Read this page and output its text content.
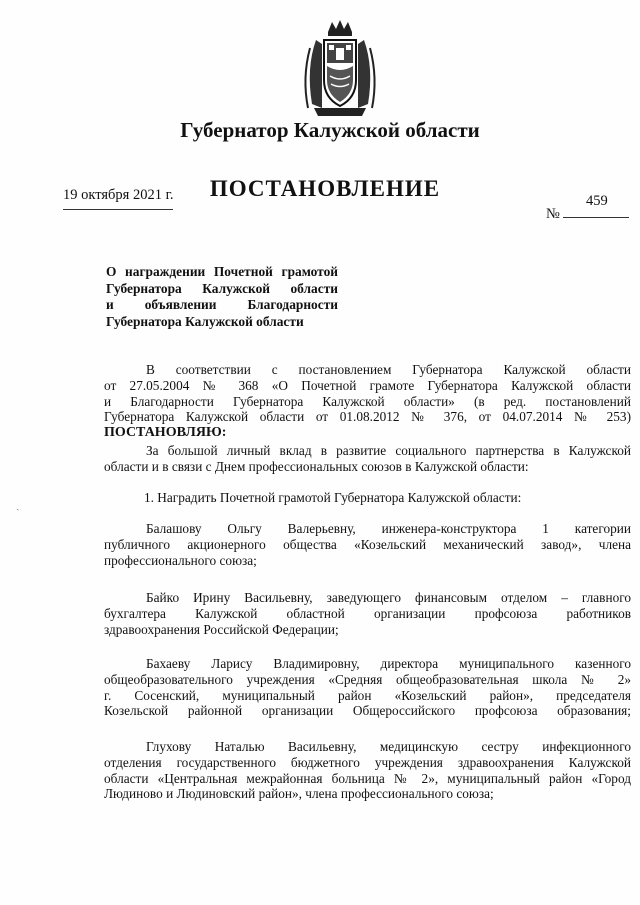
Губернатор Калужской области
ПОСТАНОВЛЕНИЕ
19 октября 2021 г.	459
№
О награждении Почетной грамотой
Губернатора Калужской области
и объявлении Благодарности
Губернатора Калужской области
В соответствии с постановлением Губернатора Калужской области
от 27.05.2004 № 368 «О Почетной грамоте Губернатора Калужской области
и Благодарности Губернатора Калужской области» (в ред. постановлений
Губернатора Калужской области от 01.08.2012 № 376, от 04.07.2014 № 253)
ПОСТАНОВЛЯЮ:
За большой личный вклад в развитие социального партнерства в Калужской
области и в связи с Днем профессиональных союзов в Калужской области:
1. Наградить Почетной грамотой Губернатора Калужской области:
ˏ
Балашову Ольгу Валерьевну, инженера-конструктора 1 категории
публичного акционерного общества «Козельский механический завод», члена
профессионального союза;
Байко Ирину Васильевну, заведующего финансовым отделом – главного
бухгалтера Калужской областной организации профсоюза работников
здравоохранения Российской Федерации;
Бахаеву Ларису Владимировну, директора муниципального казенного
общеобразовательного учреждения «Средняя общеобразовательная школа № 2»
г. Сосенский, муниципальный район «Козельский район», председателя
Козельской районной организации Общероссийского профсоюза образования;
Глухову Наталью Васильевну, медицинскую сестру инфекционного
отделения государственного бюджетного учреждения здравоохранения Калужской
области «Центральная межрайонная больница № 2», муниципальный район «Город
Людиново и Людиновский район», члена профессионального союза;
